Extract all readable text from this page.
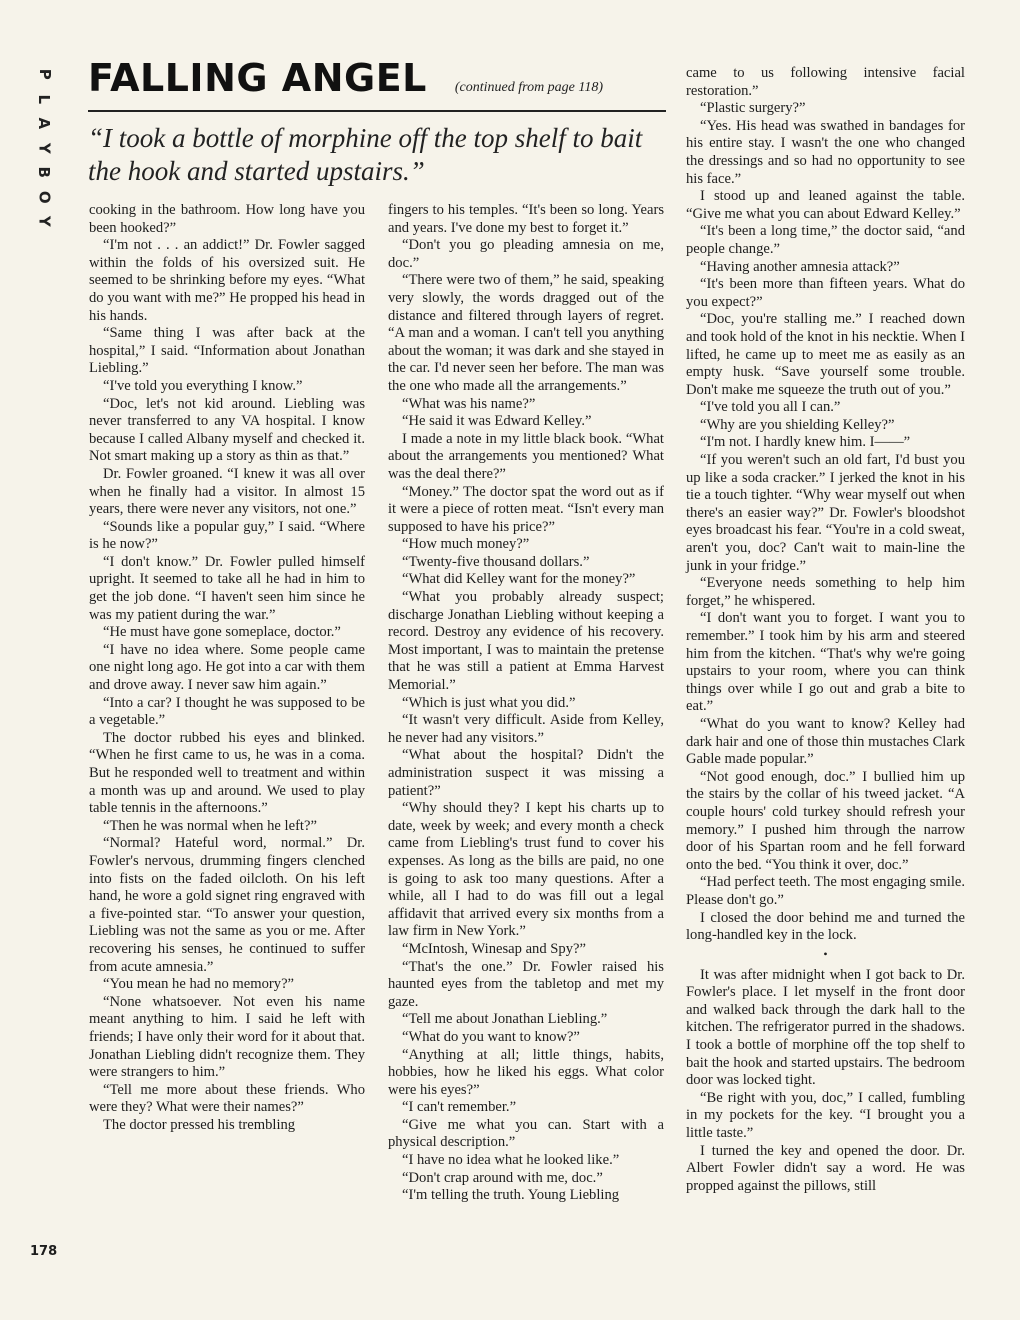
P
L
A
Y
B
O
Y
FALLING ANGEL (continued from page 118)
“I took a bottle of morphine off the top shelf to bait the hook and started upstairs.”

cooking in the bathroom. How long have you been hooked?”

“I'm not . . . an addict!” Dr. Fowler sagged within the folds of his oversized suit. He seemed to be shrinking before my eyes. “What do you want with me?” He propped his head in his hands.

“Same thing I was after back at the hospital,” I said. “Information about Jonathan Liebling.”

“I've told you everything I know.”

“Doc, let's not kid around. Liebling was never transferred to any VA hospital. I know because I called Albany myself and checked it. Not smart making up a story as thin as that.”

Dr. Fowler groaned. “I knew it was all over when he finally had a visitor. In almost 15 years, there were never any visitors, not one.”

“Sounds like a popular guy,” I said. “Where is he now?”

“I don't know.” Dr. Fowler pulled himself upright. It seemed to take all he had in him to get the job done. “I haven't seen him since he was my patient during the war.”

“He must have gone someplace, doctor.”

“I have no idea where. Some people came one night long ago. He got into a car with them and drove away. I never saw him again.”

“Into a car? I thought he was supposed to be a vegetable.”

The doctor rubbed his eyes and blinked. “When he first came to us, he was in a coma. But he responded well to treatment and within a month was up and around. We used to play table tennis in the afternoons.”

“Then he was normal when he left?”

“Normal? Hateful word, normal.” Dr. Fowler's nervous, drumming fingers clenched into fists on the faded oilcloth. On his left hand, he wore a gold signet ring engraved with a five-pointed star. “To answer your question, Liebling was not the same as you or me. After recovering his senses, he continued to suffer from acute amnesia.”

“You mean he had no memory?”

“None whatsoever. Not even his name meant anything to him. I said he left with friends; I have only their word for it about that. Jonathan Liebling didn't recognize them. They were strangers to him.”

“Tell me more about these friends. Who were they? What were their names?”

The doctor pressed his trembling

fingers to his temples. “It's been so long. Years and years. I've done my best to forget it.”

“Don't you go pleading amnesia on me, doc.”

“There were two of them,” he said, speaking very slowly, the words dragged out of the distance and filtered through layers of regret. “A man and a woman. I can't tell you anything about the woman; it was dark and she stayed in the car. I'd never seen her before. The man was the one who made all the arrangements.”

“What was his name?”

“He said it was Edward Kelley.”

I made a note in my little black book. “What about the arrangements you mentioned? What was the deal there?”

“Money.” The doctor spat the word out as if it were a piece of rotten meat. “Isn't every man supposed to have his price?”

“How much money?”

“Twenty-five thousand dollars.”

“What did Kelley want for the money?”

“What you probably already suspect; discharge Jonathan Liebling without keeping a record. Destroy any evidence of his recovery. Most important, I was to maintain the pretense that he was still a patient at Emma Harvest Memorial.”

“Which is just what you did.”

“It wasn't very difficult. Aside from Kelley, he never had any visitors.”

“What about the hospital? Didn't the administration suspect it was missing a patient?”

“Why should they? I kept his charts up to date, week by week; and every month a check came from Liebling's trust fund to cover his expenses. As long as the bills are paid, no one is going to ask too many questions. After a while, all I had to do was fill out a legal affidavit that arrived every six months from a law firm in New York.”

“McIntosh, Winesap and Spy?”

“That's the one.” Dr. Fowler raised his haunted eyes from the tabletop and met my gaze.

“Tell me about Jonathan Liebling.”

“What do you want to know?”

“Anything at all; little things, habits, hobbies, how he liked his eggs. What color were his eyes?”

“I can't remember.”

“Give me what you can. Start with a physical description.”

“I have no idea what he looked like.”

“Don't crap around with me, doc.”

“I'm telling the truth. Young Liebling

came to us following intensive facial restoration.”

“Plastic surgery?”

“Yes. His head was swathed in bandages for his entire stay. I wasn't the one who changed the dressings and so had no opportunity to see his face.”

I stood up and leaned against the table. “Give me what you can about Edward Kelley.”

“It's been a long time,” the doctor said, “and people change.”

“Having another amnesia attack?”

“It's been more than fifteen years. What do you expect?”

“Doc, you're stalling me.” I reached down and took hold of the knot in his necktie. When I lifted, he came up to meet me as easily as an empty husk. “Save yourself some trouble. Don't make me squeeze the truth out of you.”

“I've told you all I can.”

“Why are you shielding Kelley?”

“I'm not. I hardly knew him. I——”

“If you weren't such an old fart, I'd bust you up like a soda cracker.” I jerked the knot in his tie a touch tighter. “Why wear myself out when there's an easier way?” Dr. Fowler's bloodshot eyes broadcast his fear. “You're in a cold sweat, aren't you, doc? Can't wait to main-line the junk in your fridge.”

“Everyone needs something to help him forget,” he whispered.

“I don't want you to forget. I want you to remember.” I took him by his arm and steered him from the kitchen. “That's why we're going upstairs to your room, where you can think things over while I go out and grab a bite to eat.”

“What do you want to know? Kelley had dark hair and one of those thin mustaches Clark Gable made popular.”

“Not good enough, doc.” I bullied him up the stairs by the collar of his tweed jacket. “A couple hours' cold turkey should refresh your memory.” I pushed him through the narrow door of his Spartan room and he fell forward onto the bed. “You think it over, doc.”

“Had perfect teeth. The most engaging smile. Please don't go.”

I closed the door behind me and turned the long-handled key in the lock.

•

It was after midnight when I got back to Dr. Fowler's place. I let myself in the front door and walked back through the dark hall to the kitchen. The refrigerator purred in the shadows. I took a bottle of morphine off the top shelf to bait the hook and started upstairs. The bedroom door was locked tight.

“Be right with you, doc,” I called, fumbling in my pockets for the key. “I brought you a little taste.”

I turned the key and opened the door. Dr. Albert Fowler didn't say a word. He was propped against the pillows, still

178
